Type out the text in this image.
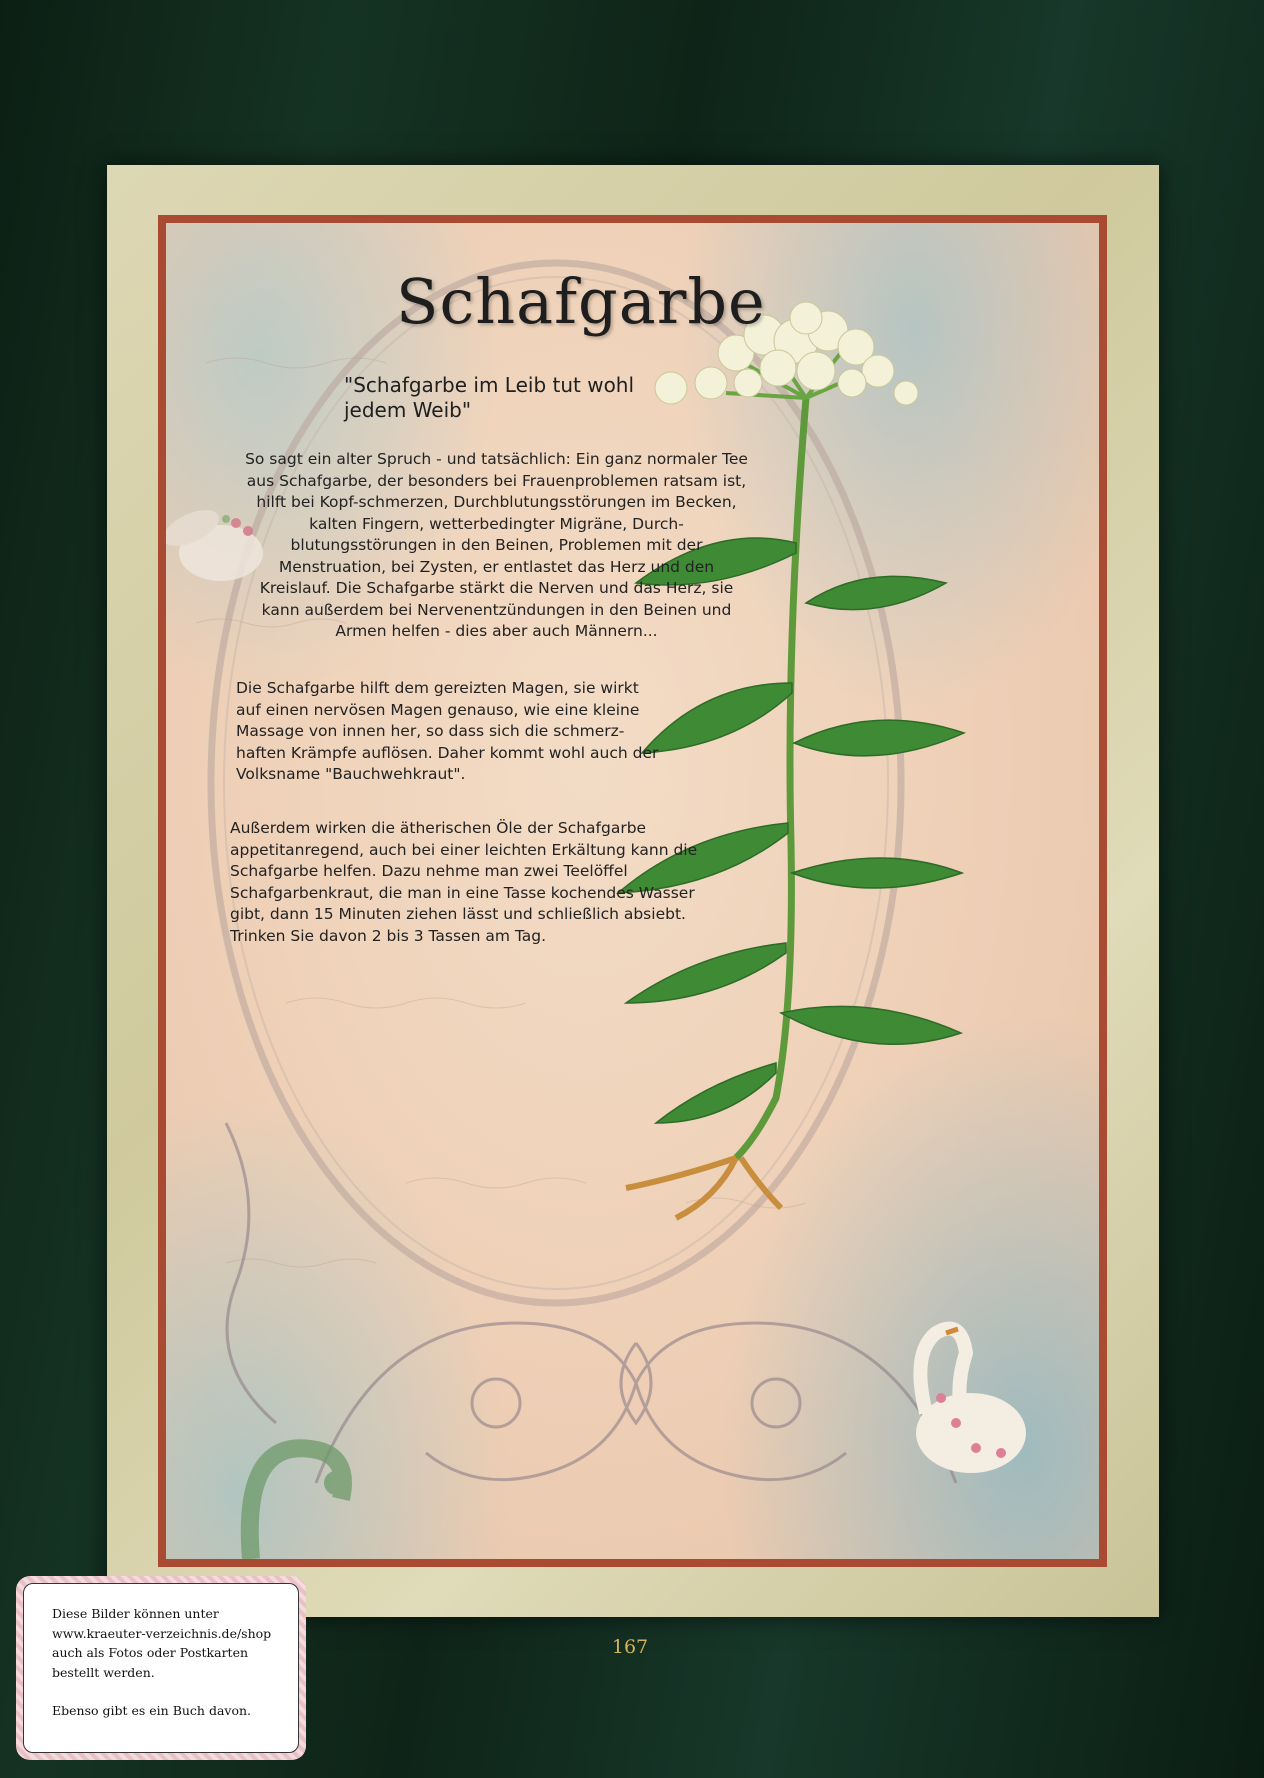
Schafgarbe

"Schafgarbe im Leib tut wohl jedem Weib"

So sagt ein alter Spruch - und tatsächlich: Ein ganz normaler Tee aus Schafgarbe, der besonders bei Frauenproblemen ratsam ist, hilft bei Kopf-schmerzen, Durchblutungsstörungen im Becken, kalten Fingern, wetterbedingter Migräne, Durch-blutungsstörungen in den Beinen, Problemen mit der Menstruation, bei Zysten, er entlastet das Herz und den Kreislauf. Die Schafgarbe stärkt die Nerven und das Herz, sie kann außerdem bei Nervenentzündungen in den Beinen und Armen helfen - dies aber auch Männern...

Die Schafgarbe hilft dem gereizten Magen, sie wirkt auf einen nervösen Magen genauso, wie eine kleine Massage von innen her, so dass sich die schmerz-haften Krämpfe auflösen. Daher kommt wohl auch der Volksname "Bauchwehkraut".

Außerdem wirken die ätherischen Öle der Schafgarbe appetitanregend, auch bei einer leichten Erkältung kann die Schafgarbe helfen. Dazu nehme man zwei Teelöffel Schafgarbenkraut, die man in eine Tasse kochendes Wasser gibt, dann 15 Minuten ziehen lässt und schließlich absiebt. Trinken Sie davon 2 bis 3 Tassen am Tag.

167

Diese Bilder können unter

www.kraeuter-verzeichnis.de/shop

auch als Fotos oder Postkarten

bestellt werden.

Ebenso gibt es ein Buch davon.
